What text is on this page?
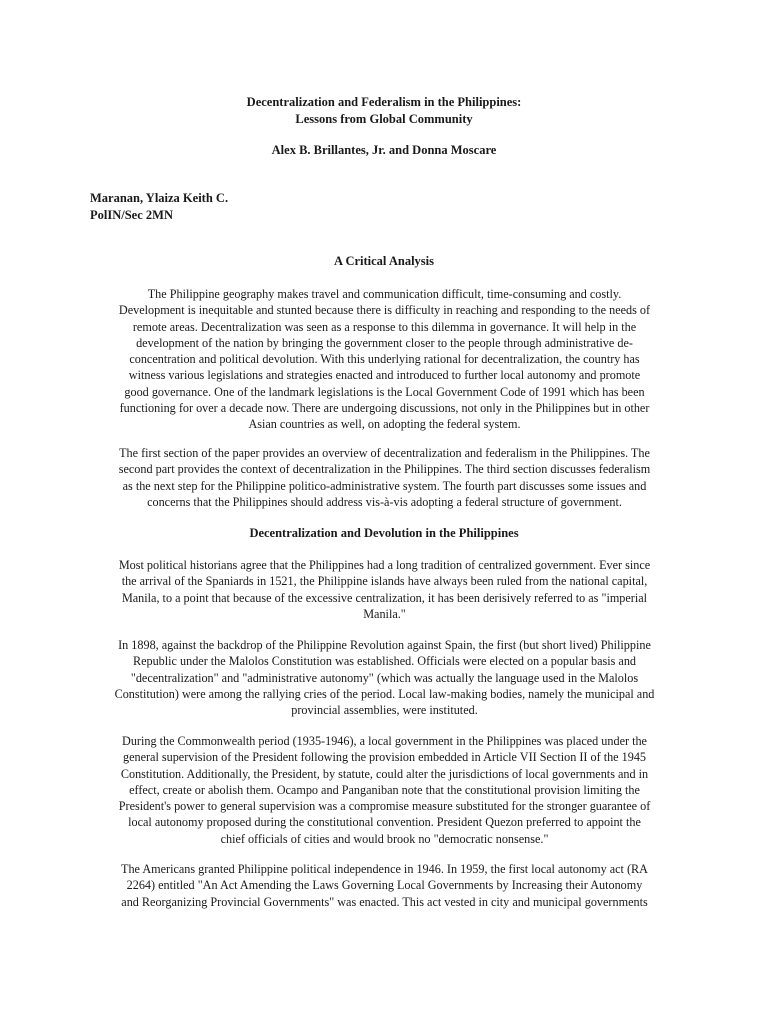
Decentralization and Federalism in the Philippines:
Lessons from Global Community
Alex B. Brillantes, Jr. and Donna Moscare
Maranan, Ylaiza Keith C.
PolIN/Sec 2MN
A Critical Analysis
The Philippine geography makes travel and communication difficult, time-consuming and costly.
Development is inequitable and stunted because there is difficulty in reaching and responding to the needs of
remote areas. Decentralization was seen as a response to this dilemma in governance. It will help in the
development of the nation by bringing the government closer to the people through administrative de-
concentration and political devolution. With this underlying rational for decentralization, the country has
witness various legislations and strategies enacted and introduced to further local autonomy and promote
good governance. One of the landmark legislations is the Local Government Code of 1991 which has been
functioning for over a decade now. There are undergoing discussions, not only in the Philippines but in other
Asian countries as well, on adopting the federal system.
The first section of the paper provides an overview of decentralization and federalism in the Philippines. The
second part provides the context of decentralization in the Philippines. The third section discusses federalism
as the next step for the Philippine politico-administrative system. The fourth part discusses some issues and
concerns that the Philippines should address vis-à-vis adopting a federal structure of government.
Decentralization and Devolution in the Philippines
Most political historians agree that the Philippines had a long tradition of centralized government. Ever since
the arrival of the Spaniards in 1521, the Philippine islands have always been ruled from the national capital,
Manila, to a point that because of the excessive centralization, it has been derisively referred to as "imperial
Manila."
In 1898, against the backdrop of the Philippine Revolution against Spain, the first (but short lived) Philippine
Republic under the Malolos Constitution was established. Officials were elected on a popular basis and
"decentralization" and "administrative autonomy" (which was actually the language used in the Malolos
Constitution) were among the rallying cries of the period. Local law-making bodies, namely the municipal and
provincial assemblies, were instituted.
During the Commonwealth period (1935-1946), a local government in the Philippines was placed under the
general supervision of the President following the provision embedded in Article VII Section II of the 1945
Constitution. Additionally, the President, by statute, could alter the jurisdictions of local governments and in
effect, create or abolish them. Ocampo and Panganiban note that the constitutional provision limiting the
President's power to general supervision was a compromise measure substituted for the stronger guarantee of
local autonomy proposed during the constitutional convention. President Quezon preferred to appoint the
chief officials of cities and would brook no "democratic nonsense."
The Americans granted Philippine political independence in 1946. In 1959, the first local autonomy act (RA
2264) entitled "An Act Amending the Laws Governing Local Governments by Increasing their Autonomy
and Reorganizing Provincial Governments" was enacted. This act vested in city and municipal governments
